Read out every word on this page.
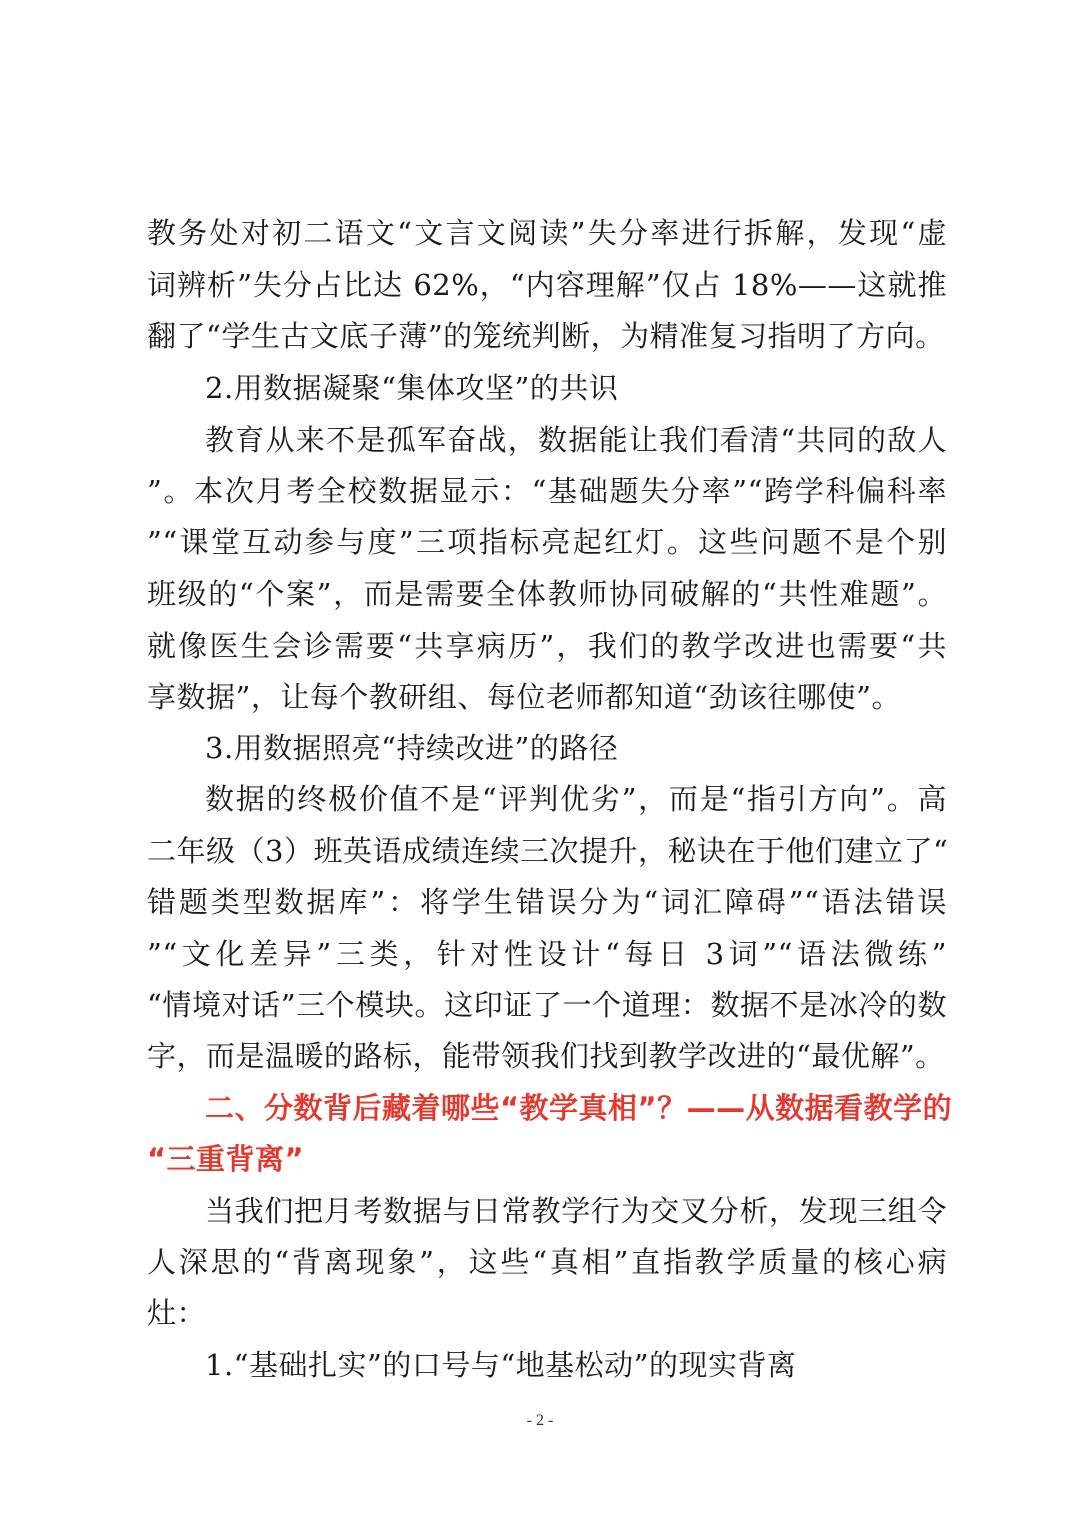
教务处对初二语文“文言文阅读”失分率进行拆解，发现“虚
词辨析”失分占比达 62%，“内容理解”仅占 18%——这就推
翻了“学生古文底子薄”的笼统判断，为精准复习指明了方向。
2.用数据凝聚“集体攻坚”的共识
教育从来不是孤军奋战，数据能让我们看清“共同的敌人
”。本次月考全校数据显示：“基础题失分率”“跨学科偏科率
”“课堂互动参与度”三项指标亮起红灯。这些问题不是个别
班级的“个案”，而是需要全体教师协同破解的“共性难题”。
就像医生会诊需要“共享病历”，我们的教学改进也需要“共
享数据”，让每个教研组、每位老师都知道“劲该往哪使”。
3.用数据照亮“持续改进”的路径
数据的终极价值不是“评判优劣”，而是“指引方向”。高
二年级（3）班英语成绩连续三次提升，秘诀在于他们建立了“
错题类型数据库”：将学生错误分为“词汇障碍”“语法错误
”“文化差异”三类，针对性设计“每日 3词”“语法微练”
“情境对话”三个模块。这印证了一个道理：数据不是冰冷的数
字，而是温暖的路标，能带领我们找到教学改进的“最优解”。
二、分数背后藏着哪些“教学真相”？——从数据看教学的
“三重背离”
当我们把月考数据与日常教学行为交叉分析，发现三组令
人深思的“背离现象”，这些“真相”直指教学质量的核心病
灶：
1.“基础扎实”的口号与“地基松动”的现实背离
- 2 -
